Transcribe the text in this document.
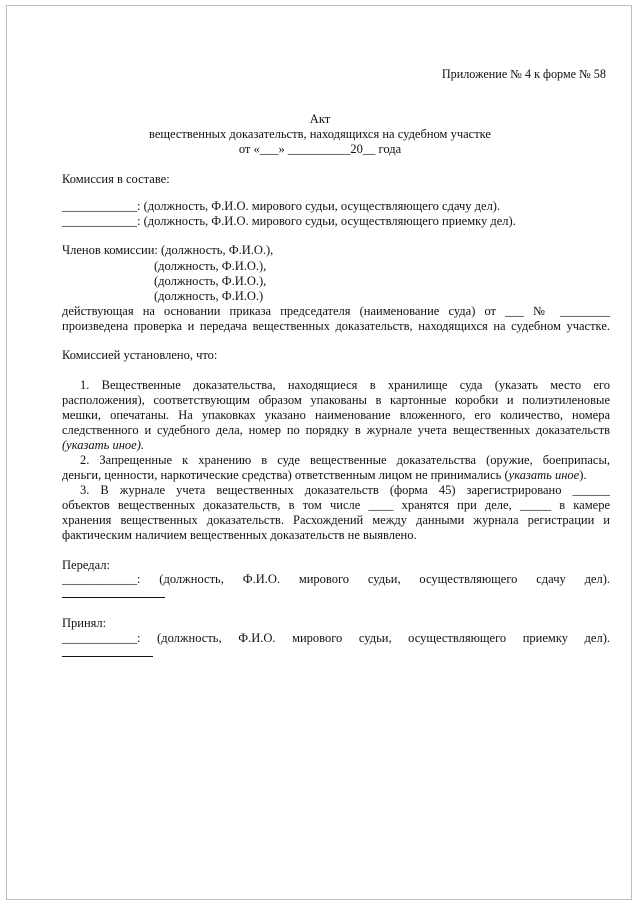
Приложение № 4 к форме № 58
Акт
вещественных доказательств, находящихся на судебном участке
от «___» __________20__ года
Комиссия в составе:
____________: (должность, Ф.И.О. мирового судьи, осуществляющего сдачу дел).
____________: (должность, Ф.И.О. мирового судьи, осуществляющего приемку дел).
Членов комиссии: (должность, Ф.И.О.),
(должность, Ф.И.О.),
(должность, Ф.И.О.),
(должность, Ф.И.О.)
действующая на основании приказа председателя (наименование суда) от ___ № ________
произведена проверка и передача вещественных доказательств, находящихся на судебном участке.
Комиссией установлено, что:
1. Вещественные доказательства, находящиеся в хранилище суда (указать место его
расположения), соответствующим образом упакованы в картонные коробки и полиэтиленовые
мешки, опечатаны. На упаковках указано наименование вложенного, его количество, номера
следственного и судебного дела, номер по порядку в журнале учета вещественных доказательств
(указать иное).
2. Запрещенные к хранению в суде вещественные доказательства (оружие, боеприпасы,
деньги, ценности, наркотические средства) ответственным лицом не принимались (указать иное).
3. В журнале учета вещественных доказательств (форма 45) зарегистрировано ______
объектов вещественных доказательств, в том числе ____ хранятся при деле, _____ в камере
хранения вещественных доказательств. Расхождений между данными журнала регистрации и
фактическим наличием вещественных доказательств не выявлено.
Передал:
____________: (должность, Ф.И.О. мирового судьи, осуществляющего сдачу дел).
Принял:
____________: (должность, Ф.И.О. мирового судьи, осуществляющего приемку дел).
